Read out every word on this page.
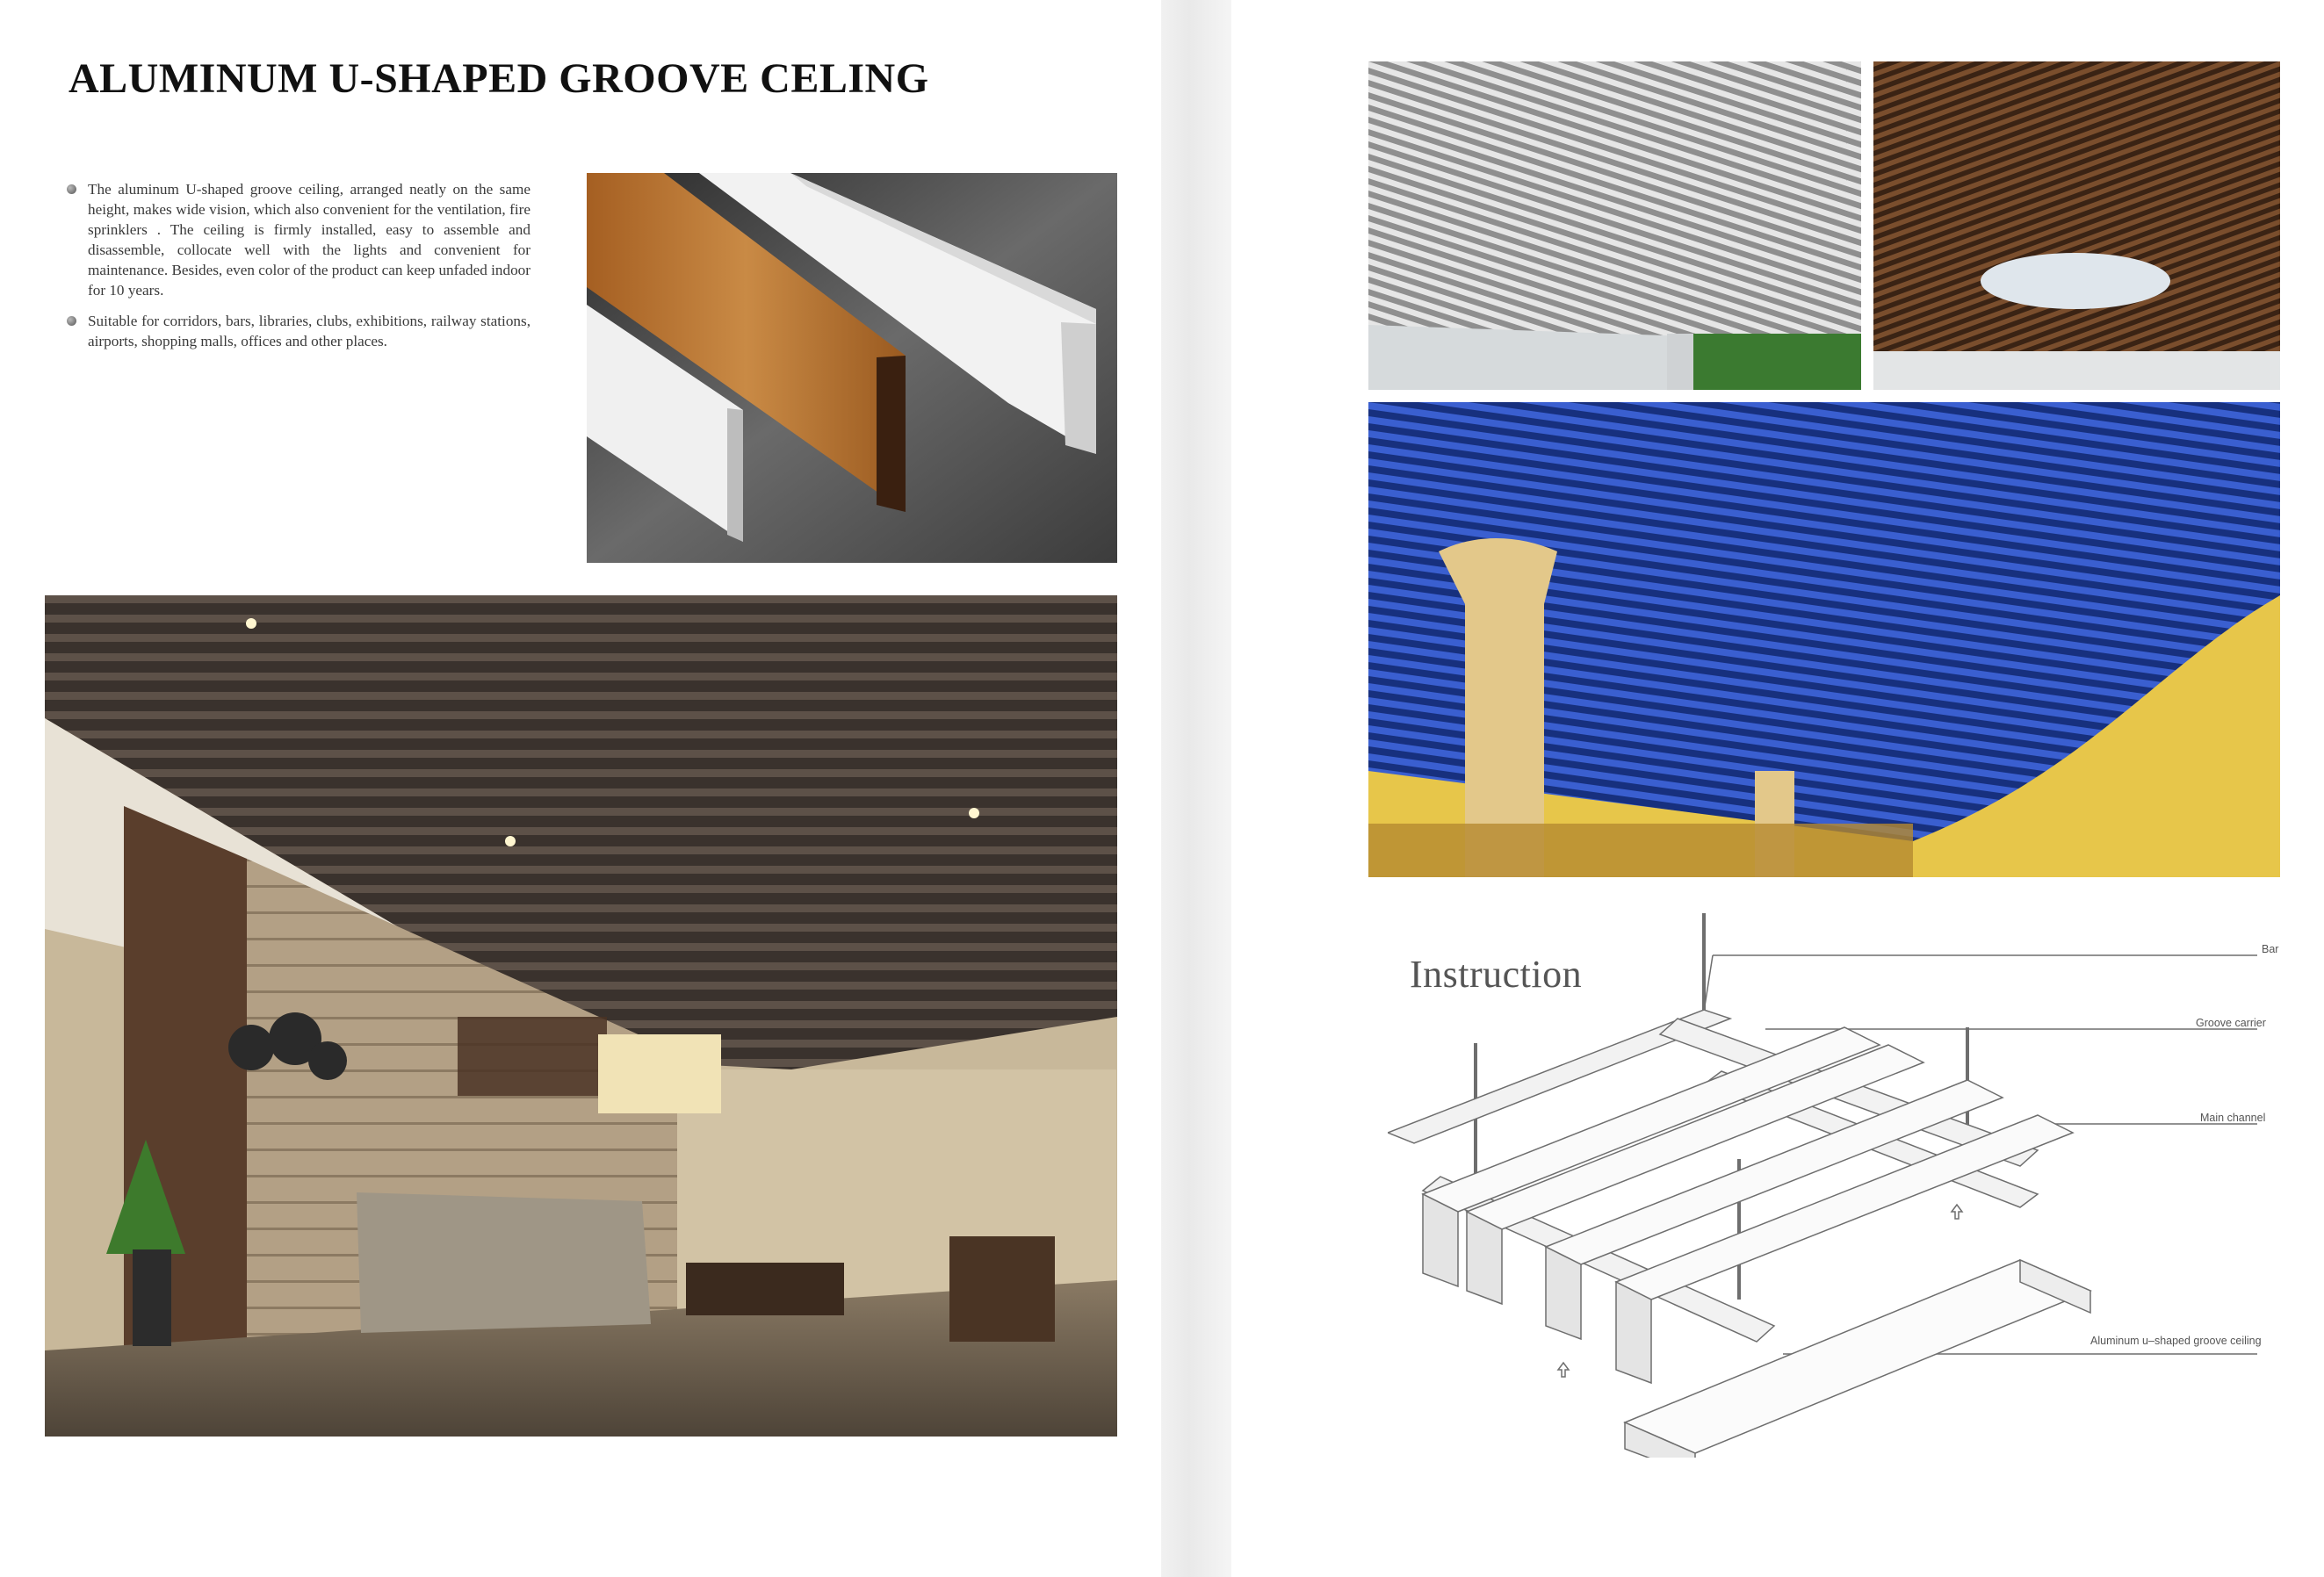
ALUMINUM U-SHAPED GROOVE CELING
The aluminum U-shaped groove ceiling, arranged neatly on the same height, makes wide vision, which also convenient for the ventilation, fire sprinklers . The ceiling is firmly installed, easy to assemble and disassemble, collocate well with the lights and convenient for maintenance. Besides, even color of the product can keep unfaded indoor for 10 years.
Suitable for corridors, bars, libraries, clubs, exhibitions, railway stations, airports, shopping malls, offices and other places.
Instruction
Bar
Groove carrier
Main channel
Aluminum u–shaped groove ceiling
